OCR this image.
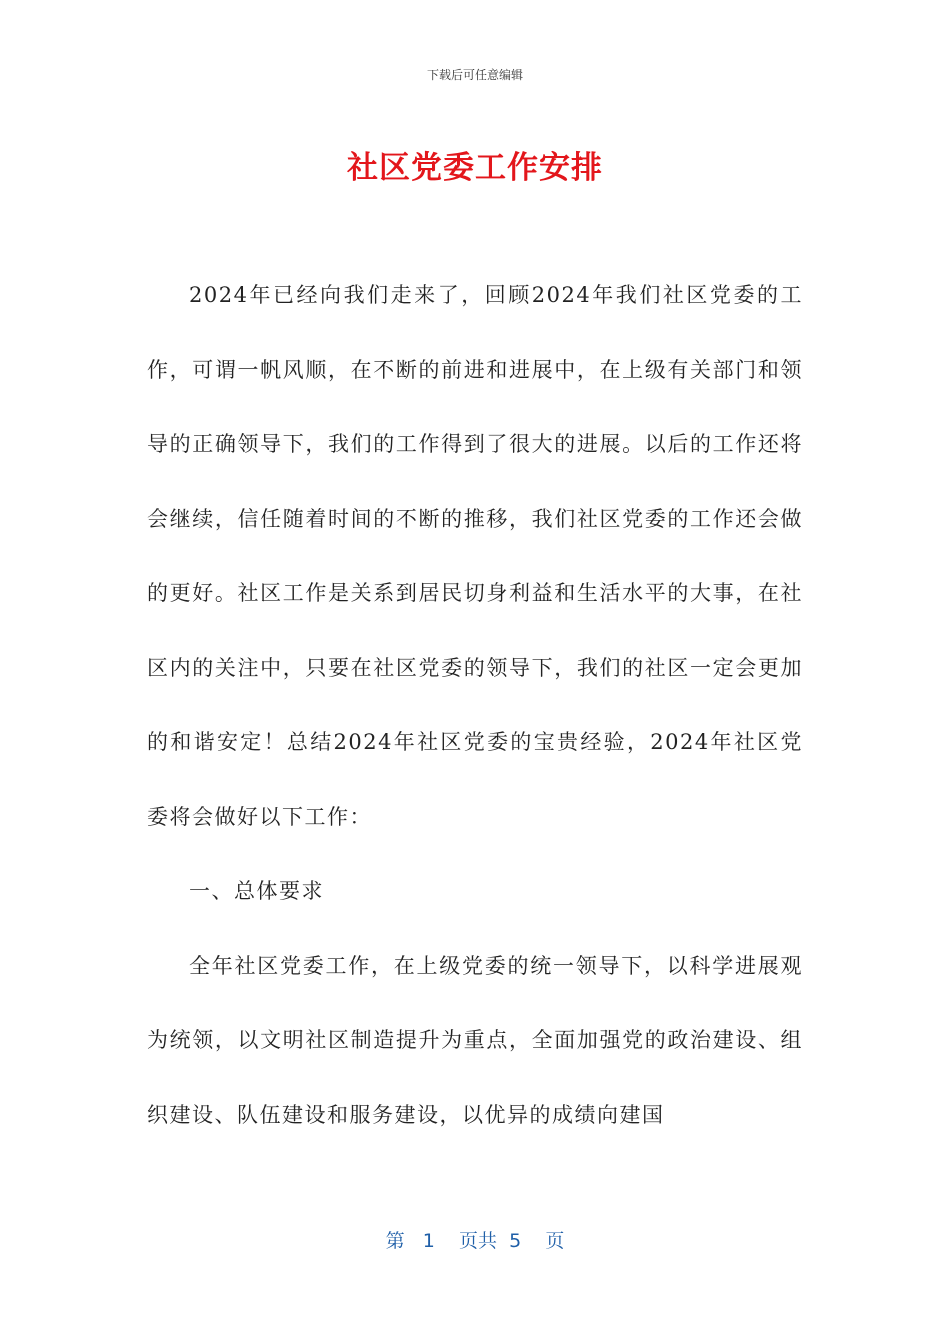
下载后可任意编辑
社区党委工作安排

2024年已经向我们走来了，回顾2024年我们社区党委的工作，可谓一帆风顺，在不断的前进和进展中，在上级有关部门和领导的正确领导下，我们的工作得到了很大的进展。以后的工作还将会继续，信任随着时间的不断的推移，我们社区党委的工作还会做的更好。社区工作是关系到居民切身利益和生活水平的大事，在社区内的关注中，只要在社区党委的领导下，我们的社区一定会更加的和谐安定！总结2024年社区党委的宝贵经验，2024年社区党委将会做好以下工作：

一、总体要求

全年社区党委工作，在上级党委的统一领导下，以科学进展观为统领，以文明社区制造提升为重点，全面加强党的政治建设、组织建设、队伍建设和服务建设，以优异的成绩向建国

第 1 页共 5 页
